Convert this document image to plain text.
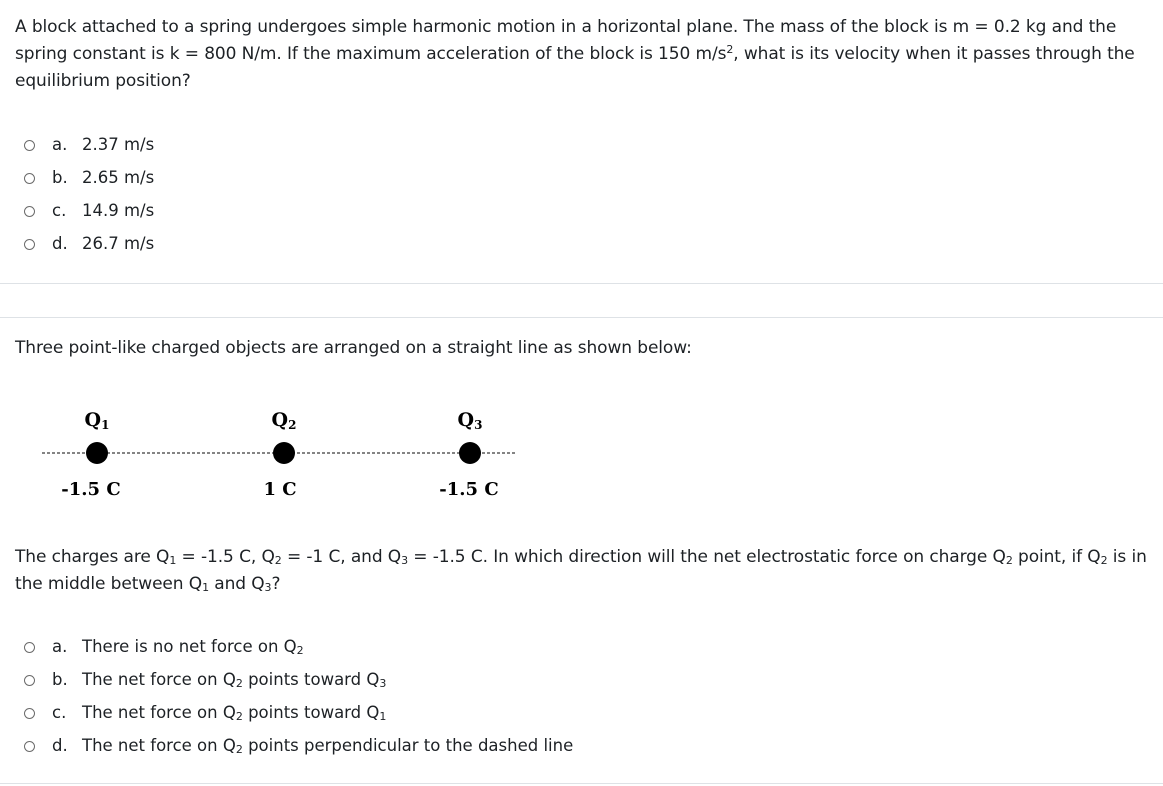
A block attached to a spring undergoes simple harmonic motion in a horizontal plane. The mass of the block is m = 0.2 kg and the spring constant is k = 800 N/m. If the maximum acceleration of the block is 150 $m/s^2$, what is its velocity when it passes through the equilibrium position?
a. 2.37 m/s
b. 2.65 m/s
c. 14.9 m/s
d. 26.7 m/s
Three point-like charged objects are arranged on a straight line as shown below:
Q1	Q2	Q3
-1.5 C	1 C	-1.5 C
The charges are $Q_1 = -1.5$ C, $Q_2 = -1$ C, and $Q_3 = -1.5$ C. In which direction will the net electrostatic force on charge $Q_2$ point, if $Q_2$ is in the middle between $Q_1$ and $Q_3$?
a. There is no net force on $Q_2$
b. The net force on $Q_2$ points toward $Q_3$
c. The net force on $Q_2$ points toward $Q_1$
d. The net force on $Q_2$ points perpendicular to the dashed line
